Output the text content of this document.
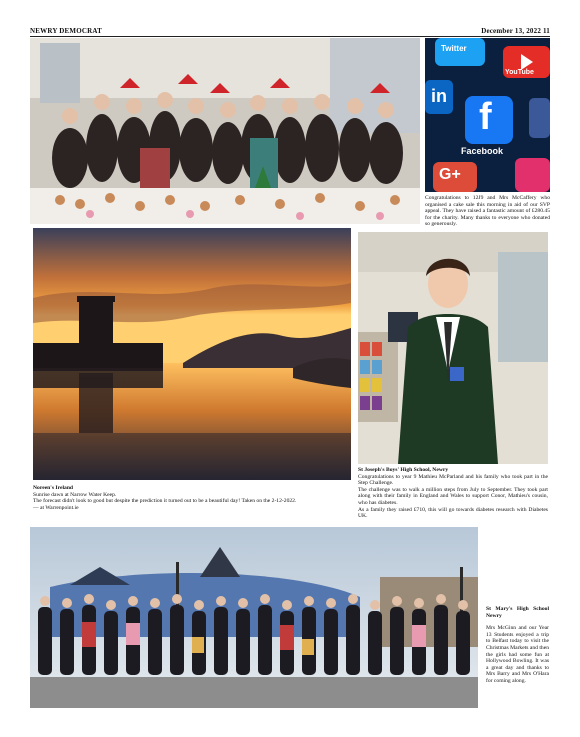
NEWRY DEMOCRAT	December 13, 2022 11
Twitter
YouTube
in f
Facebook
G+

Congratulations to 12J9 and Mrs McCaffery who organised a cake sale this morning in aid of our SVP appeal. They have raised a fantastic amount of £280.45 for the charity. Many thanks to everyone who donated so generously.

Noreen's Ireland

Sunrise dawn at Narrow Water Keep.

The forecast didn't look to good but despite the prediction it turned out to be a beautiful day! Taken on the 2-12-2022.

— at Warrenpoint.ie

St Joseph's Boys' High School, Newry

Congratulations to year 9 Mathieu McParland and his family who took part in the Step Challenge.

The challenge was to walk a million steps from July to September. They took part along with their family in England and Wales to support Conor, Mathieu's cousin, who has diabetes.

As a family they raised £710, this will go towards diabetes research with Diabetes UK.

St Mary's High School Newry

Mrs McGinn and our Year 13 Students enjoyed a trip to Belfast today to visit the Christmas Markets and then the girls had some fun at Hollywood Bowling. It was a great day and thanks to Mrs Barry and Mrs O'Hara for coming along.
